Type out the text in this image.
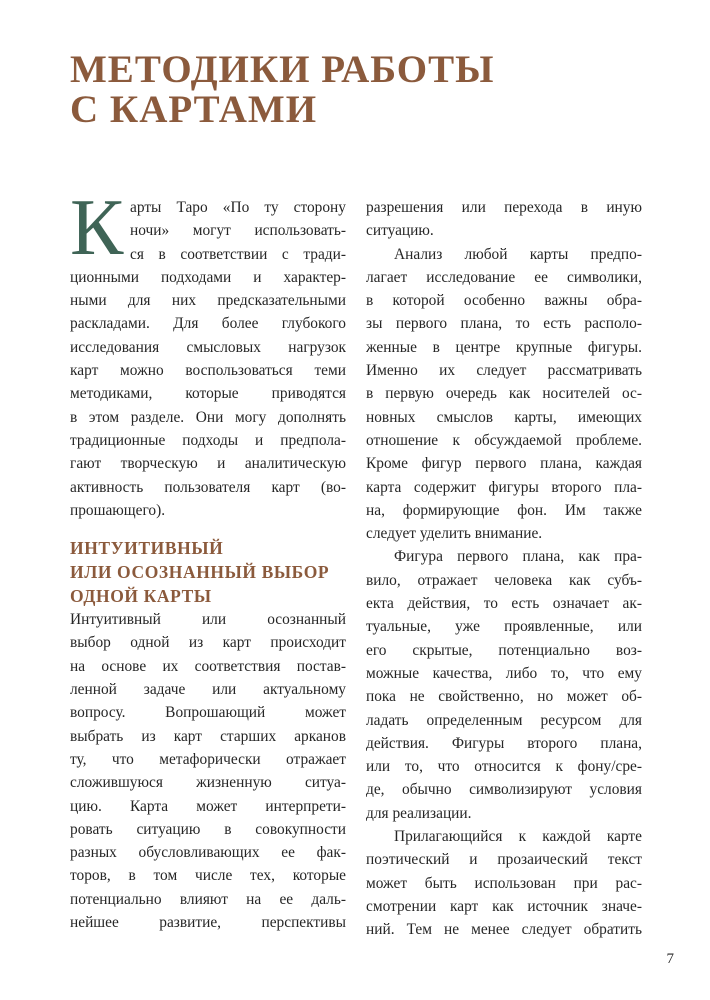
МЕТОДИКИ РАБОТЫ
С КАРТАМИ
К арты Таро «По ту сторону
ночи» могут использовать-
ся в соответствии с тради-
ционными подходами и характер-
ными для них предсказательными
раскладами. Для более глубокого
исследования смысловых нагрузок
карт можно воспользоваться теми
методиками, которые приводятся
в этом разделе. Они могу дополнять
традиционные подходы и предпола-
гают творческую и аналитическую
активность пользователя карт (во-
прошающего).
ИНТУИТИВНЫЙ
ИЛИ ОСОЗНАННЫЙ ВЫБОР
ОДНОЙ КАРТЫ
Интуитивный или осознанный
выбор одной из карт происходит
на основе их соответствия постав-
ленной задаче или актуальному
вопросу. Вопрошающий может
выбрать из карт старших арканов
ту, что метафорически отражает
сложившуюся жизненную ситуа-
цию. Карта может интерпрети-
ровать ситуацию в совокупности
разных обусловливающих ее фак-
торов, в том числе тех, которые
потенциально влияют на ее даль-
нейшее развитие, перспективы
разрешения или перехода в иную
ситуацию.
Анализ любой карты предпо-
лагает исследование ее символики,
в которой особенно важны обра-
зы первого плана, то есть располо-
женные в центре крупные фигуры.
Именно их следует рассматривать
в первую очередь как носителей ос-
новных смыслов карты, имеющих
отношение к обсуждаемой проблеме.
Кроме фигур первого плана, каждая
карта содержит фигуры второго пла-
на, формирующие фон. Им также
следует уделить внимание.
Фигура первого плана, как пра-
вило, отражает человека как субъ-
екта действия, то есть означает ак-
туальные, уже проявленные, или
его скрытые, потенциально воз-
можные качества, либо то, что ему
пока не свойственно, но может об-
ладать определенным ресурсом для
действия. Фигуры второго плана,
или то, что относится к фону/сре-
де, обычно символизируют условия
для реализации.
Прилагающийся к каждой карте
поэтический и прозаический текст
может быть использован при рас-
смотрении карт как источник значе-
ний. Тем не менее следует обратить
7
